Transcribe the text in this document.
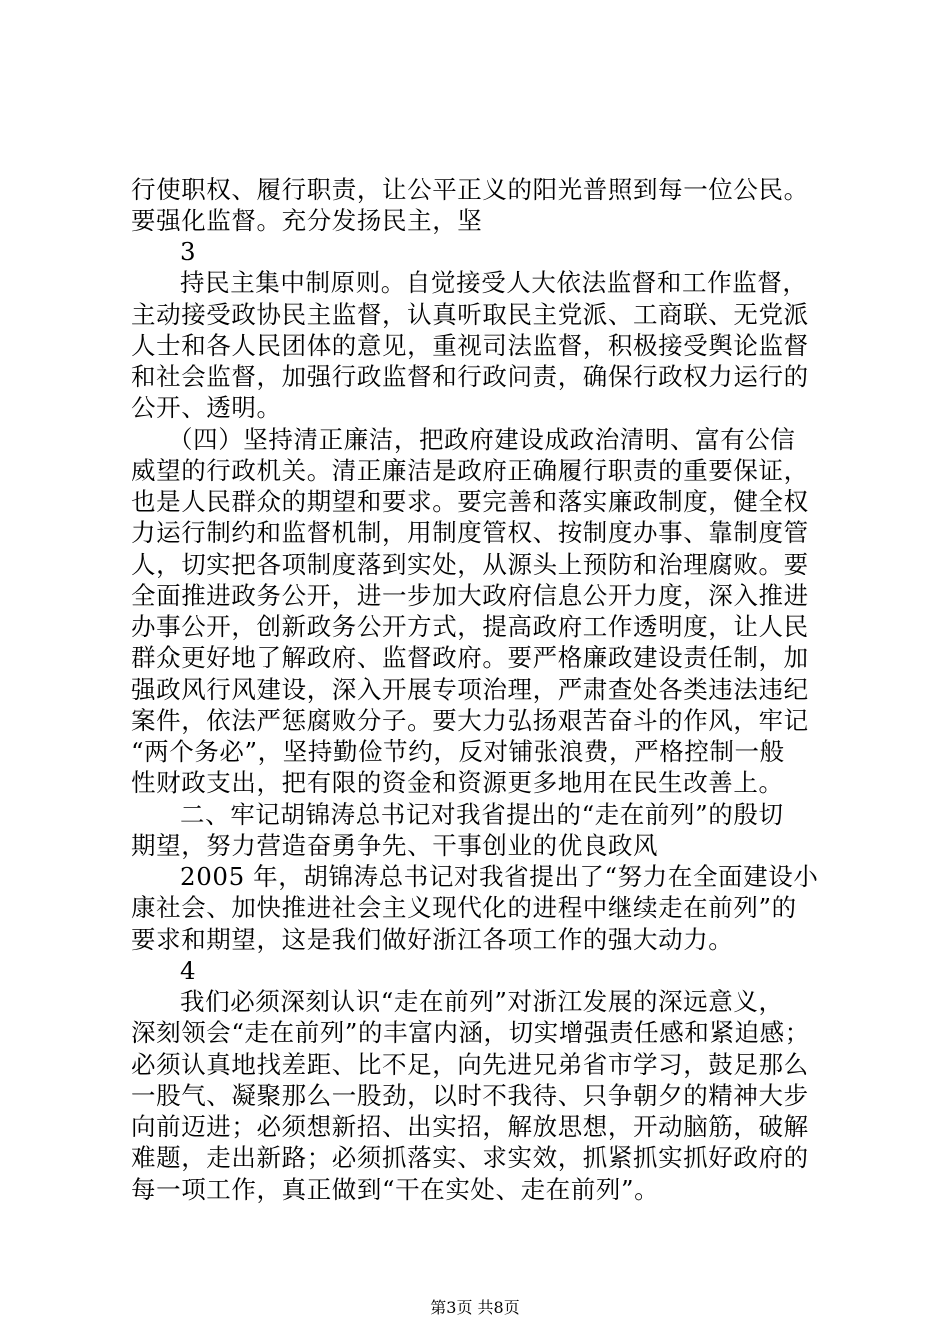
行使职权、履行职责，让公平正义的阳光普照到每一位公民。
要强化监督。充分发扬民主，坚
3
持民主集中制原则。自觉接受人大依法监督和工作监督，
主动接受政协民主监督，认真听取民主党派、工商联、无党派
人士和各人民团体的意见，重视司法监督，积极接受舆论监督
和社会监督，加强行政监督和行政问责，确保行政权力运行的
公开、透明。
（四）坚持清正廉洁，把政府建设成政治清明、富有公信
威望的行政机关。清正廉洁是政府正确履行职责的重要保证，
也是人民群众的期望和要求。要完善和落实廉政制度，健全权
力运行制约和监督机制，用制度管权、按制度办事、靠制度管
人，切实把各项制度落到实处，从源头上预防和治理腐败。要
全面推进政务公开，进一步加大政府信息公开力度，深入推进
办事公开，创新政务公开方式，提高政府工作透明度，让人民
群众更好地了解政府、监督政府。要严格廉政建设责任制，加
强政风行风建设，深入开展专项治理，严肃查处各类违法违纪
案件，依法严惩腐败分子。要大力弘扬艰苦奋斗的作风，牢记
“两个务必”，坚持勤俭节约，反对铺张浪费，严格控制一般
性财政支出，把有限的资金和资源更多地用在民生改善上。
二、牢记胡锦涛总书记对我省提出的“走在前列”的殷切
期望，努力营造奋勇争先、干事创业的优良政风
2005 年，胡锦涛总书记对我省提出了“努力在全面建设小
康社会、加快推进社会主义现代化的进程中继续走在前列”的
要求和期望，这是我们做好浙江各项工作的强大动力。
4
我们必须深刻认识“走在前列”对浙江发展的深远意义，
深刻领会“走在前列”的丰富内涵，切实增强责任感和紧迫感；
必须认真地找差距、比不足，向先进兄弟省市学习，鼓足那么
一股气、凝聚那么一股劲，以时不我待、只争朝夕的精神大步
向前迈进；必须想新招、出实招，解放思想，开动脑筋，破解
难题，走出新路；必须抓落实、求实效，抓紧抓实抓好政府的
每一项工作，真正做到“干在实处、走在前列”。
第3页 共8页
